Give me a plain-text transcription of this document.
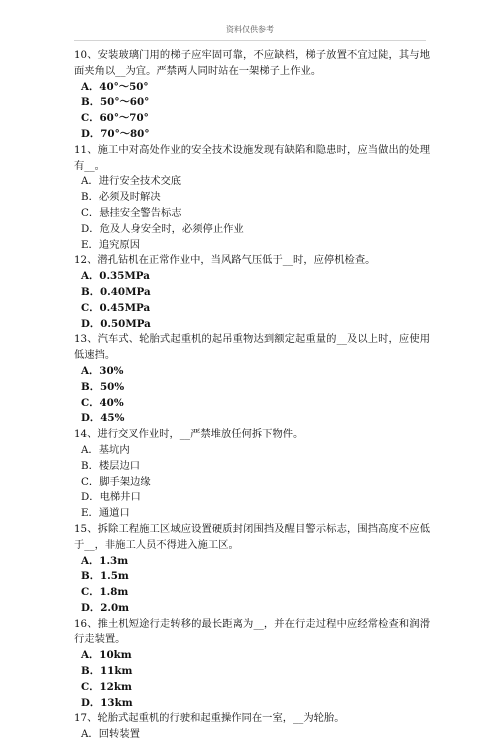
资料仅供参考
10、安装玻璃门用的梯子应牢固可靠，不应缺档，梯子放置不宜过陡，其与地面夹角以__为宜。严禁两人同时站在一架梯子上作业。
A．40°～50°
B．50°～60°
C．60°～70°
D．70°～80°
11、施工中对高处作业的安全技术设施发现有缺陷和隐患时，应当做出的处理有__。
A．进行安全技术交底
B．必须及时解决
C．悬挂安全警告标志
D．危及人身安全时，必须停止作业
E．追究原因
12、潜孔钻机在正常作业中，当风路气压低于__时，应停机检查。
A．0.35MPa
B．0.40MPa
C．0.45MPa
D．0.50MPa
13、汽车式、轮胎式起重机的起吊重物达到额定起重量的__及以上时，应使用低速挡。
A．30%
B．50%
C．40%
D．45%
14、进行交叉作业时，__严禁堆放任何拆下物件。
A．基坑内
B．楼层边口
C．脚手架边缘
D．电梯井口
E．通道口
15、拆除工程施工区域应设置硬质封闭围挡及醒目警示标志，围挡高度不应低于__，非施工人员不得进入施工区。
A．1.3m
B．1.5m
C．1.8m
D．2.0m
16、推土机短途行走转移的最长距离为__，并在行走过程中应经常检查和润滑行走装置。
A．10km
B．11km
C．12km
D．13km
17、轮胎式起重机的行驶和起重操作同在一室，__为轮胎。
A．回转装置
